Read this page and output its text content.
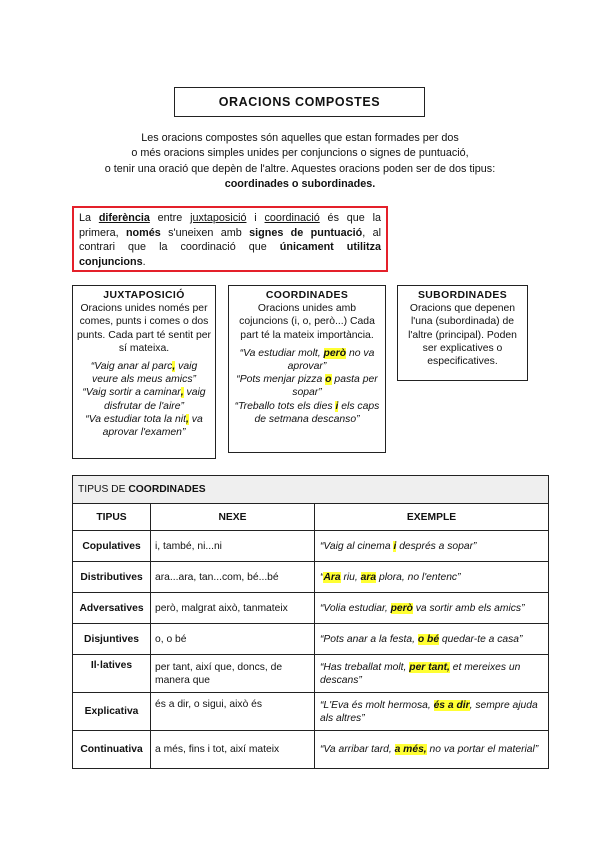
ORACIONS COMPOSTES
Les oracions compostes són aquelles que estan formades per dos
o més oracions simples unides per conjuncions o signes de puntuació,
o tenir una oració que depèn de l'altre. Aquestes oracions poden ser de dos tipus:
coordinades o subordinades.
La diferència entre juxtaposició i coordinació és que la primera, només s'uneixen amb signes de puntuació, al contrari que la coordinació que únicament utilitza conjuncions.
JUXTAPOSICIÓ
Oracions unides només per comes, punts i comes o dos punts. Cada part té sentit per sí mateixa.
“Vaig anar al parc, vaig veure als meus amics”
“Vaig sortir a caminar, vaig disfrutar de l'aire”
“Va estudiar tota la nit, va aprovar l'examen”
COORDINADES
Oracions unides amb cojuncions (i, o, però...) Cada part té la mateix importància.
“Va estudiar molt, però no va aprovar”
“Pots menjar pizza o pasta per sopar”
“Treballo tots els dies i els caps de setmana descanso”
SUBORDINADES
Oracions que depenen l'una (subordinada) de l'altre (principal). Poden ser explicatives o especificatives.
TIPUS DE COORDINADES		
TIPUS	NEXE	EXEMPLE
Copulatives	i, també, ni...ni	“Vaig al cinema i després a sopar”
Distributives	ara...ara, tan...com, bé...bé	“Ara riu, ara plora, no l'entenc”
Adversatives	però, malgrat això, tanmateix	“Volia estudiar, però va sortir amb els amics”
Disjuntives	o, o bé	“Pots anar a la festa, o bé quedar-te a casa”
Il·latives	per tant, així que, doncs, de manera que	“Has treballat molt, per tant, et mereixes un descans”
Explicativa	és a dir, o sigui, això és	“L'Eva és molt hermosa, és a dir, sempre ajuda als altres”
Continuativa	a més, fins i tot, així mateix	“Va arribar tard, a més, no va portar el material”
